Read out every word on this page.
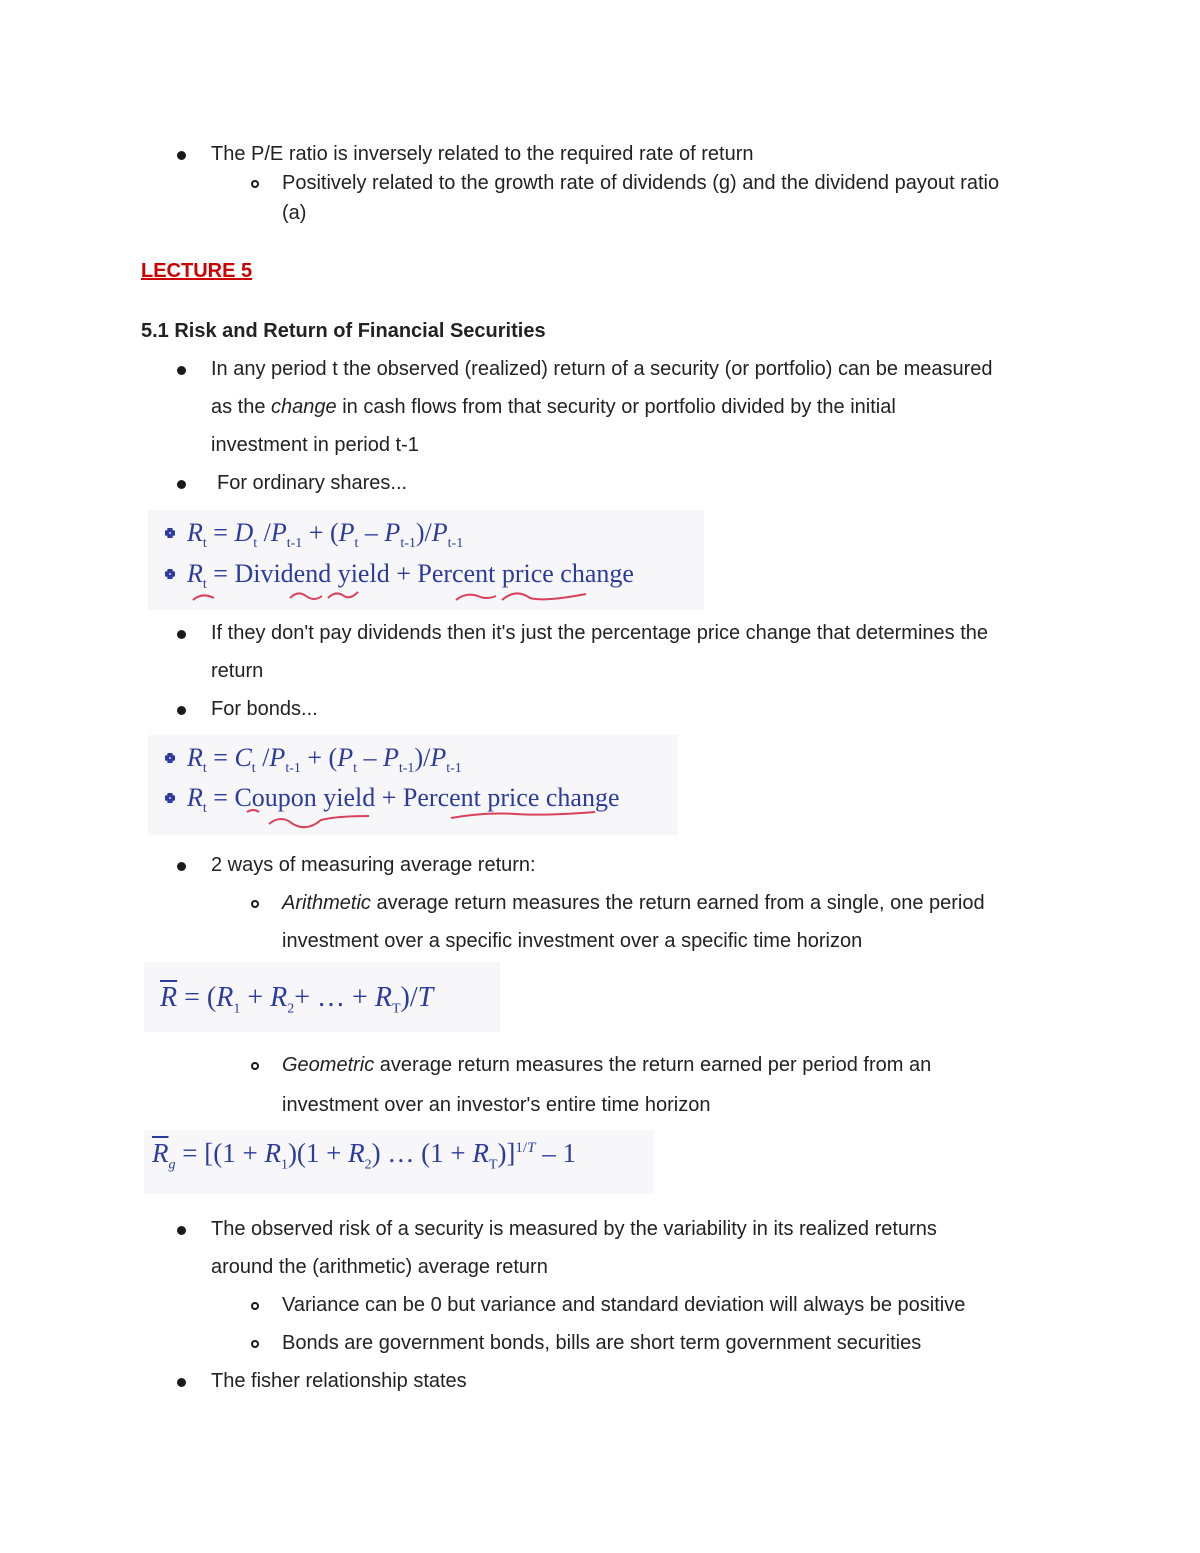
The P/E ratio is inversely related to the required rate of return
Positively related to the growth rate of dividends (g) and the dividend payout ratio
(a)
LECTURE 5
5.1 Risk and Return of Financial Securities
In any period t the observed (realized) return of a security (or portfolio) can be measured
as the change in cash flows from that security or portfolio divided by the initial
investment in period t-1
For ordinary shares...
$R_t = D_t$ $/P_{t-1} + (P_t - P_{t-1})/P_{t-1}$
$R_t$ = Dividend yield + Percent price change
If they don't pay dividends then it's just the percentage price change that determines the
return
For bonds...
$R_t = C_t$ $/P_{t-1} + (P_t - P_{t-1})/P_{t-1}$
$R_t$ = Coupon yield + Percent price change
2 ways of measuring average return:
Arithmetic average return measures the return earned from a single, one period
investment over a specific investment over a specific time horizon
$\overline{R} = (R_1 + R_2+$ … + $R_T)/T$
Geometric average return measures the return earned per period from an
investment over an investor's entire time horizon
$\overline{R}_g = [(1 + R_1)(1 + R_2)$ … $(1 + R_T)]^{1/T} - 1$
The observed risk of a security is measured by the variability in its realized returns
around the (arithmetic) average return
Variance can be 0 but variance and standard deviation will always be positive
Bonds are government bonds, bills are short term government securities
The fisher relationship states
